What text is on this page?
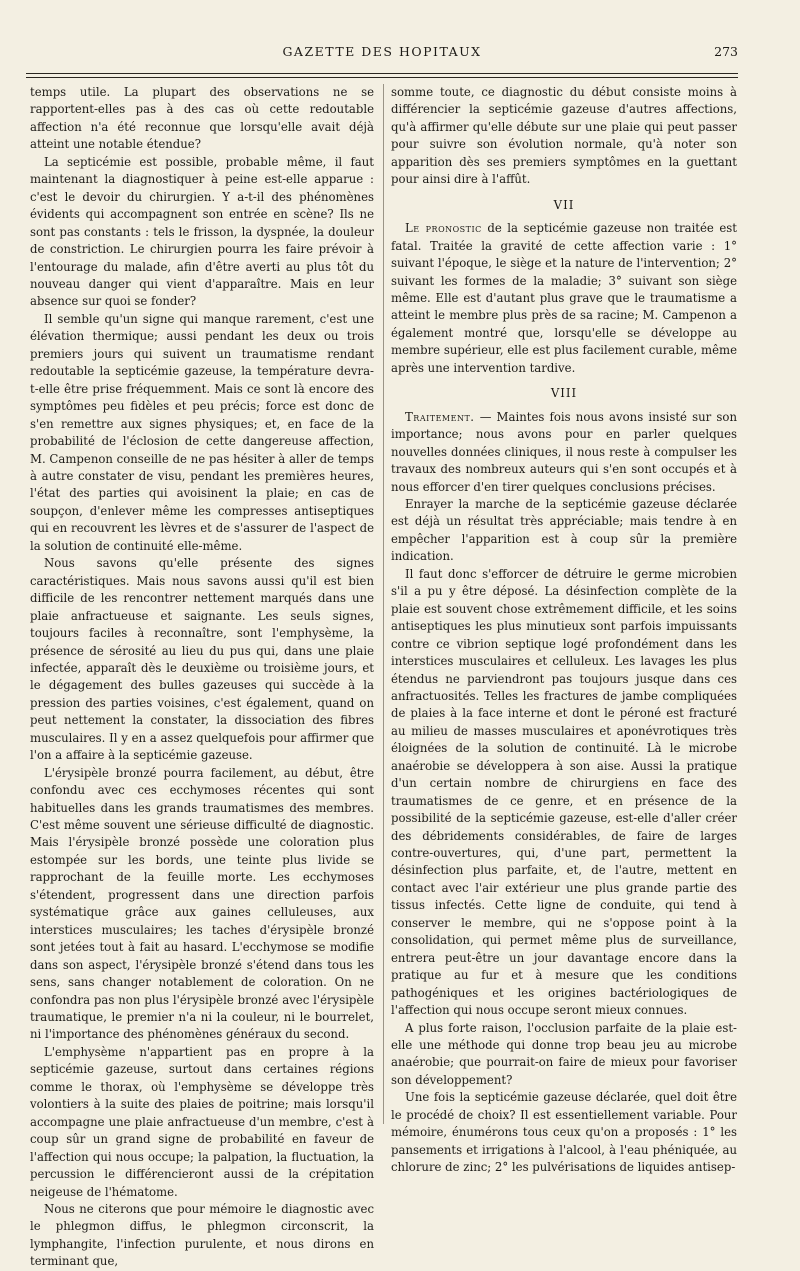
GAZETTE DES HOPITAUX	273

temps utile. La plupart des observations ne se rapportent-elles pas à des cas où cette redoutable affection n'a été reconnue que lorsqu'elle avait déjà atteint une notable étendue?

La septicémie est possible, probable même, il faut maintenant la diagnostiquer à peine est-elle apparue : c'est le devoir du chirurgien. Y a-t-il des phénomènes évidents qui accompagnent son entrée en scène? Ils ne sont pas constants : tels le frisson, la dyspnée, la douleur de constriction. Le chirurgien pourra les faire prévoir à l'entourage du malade, afin d'être averti au plus tôt du nouveau danger qui vient d'apparaître. Mais en leur absence sur quoi se fonder?

Il semble qu'un signe qui manque rarement, c'est une élévation thermique; aussi pendant les deux ou trois premiers jours qui suivent un traumatisme rendant redoutable la septicémie gazeuse, la température devra-t-elle être prise fréquemment. Mais ce sont là encore des symptômes peu fidèles et peu précis; force est donc de s'en remettre aux signes physiques; et, en face de la probabilité de l'éclosion de cette dangereuse affection, M. Campenon conseille de ne pas hésiter à aller de temps à autre constater de visu, pendant les premières heures, l'état des parties qui avoisinent la plaie; en cas de soupçon, d'enlever même les compresses antiseptiques qui en recouvrent les lèvres et de s'assurer de l'aspect de la solution de continuité elle-même.

Nous savons qu'elle présente des signes caractéristiques. Mais nous savons aussi qu'il est bien difficile de les rencontrer nettement marqués dans une plaie anfractueuse et saignante. Les seuls signes, toujours faciles à reconnaître, sont l'emphysème, la présence de sérosité au lieu du pus qui, dans une plaie infectée, apparaît dès le deuxième ou troisième jours, et le dégagement des bulles gazeuses qui succède à la pression des parties voisines, c'est également, quand on peut nettement la constater, la dissociation des fibres musculaires. Il y en a assez quelquefois pour affirmer que l'on a affaire à la septicémie gazeuse.

L'érysipèle bronzé pourra facilement, au début, être confondu avec ces ecchymoses récentes qui sont habituelles dans les grands traumatismes des membres. C'est même souvent une sérieuse difficulté de diagnostic. Mais l'érysipèle bronzé possède une coloration plus estompée sur les bords, une teinte plus livide se rapprochant de la feuille morte. Les ecchymoses s'étendent, progressent dans une direction parfois systématique grâce aux gaines celluleuses, aux interstices musculaires; les taches d'érysipèle bronzé sont jetées tout à fait au hasard. L'ecchymose se modifie dans son aspect, l'érysipèle bronzé s'étend dans tous les sens, sans changer notablement de coloration. On ne confondra pas non plus l'érysipèle bronzé avec l'érysipèle traumatique, le premier n'a ni la couleur, ni le bourrelet, ni l'importance des phénomènes généraux du second.

L'emphysème n'appartient pas en propre à la septicémie gazeuse, surtout dans certaines régions comme le thorax, où l'emphysème se développe très volontiers à la suite des plaies de poitrine; mais lorsqu'il accompagne une plaie anfractueuse d'un membre, c'est à coup sûr un grand signe de probabilité en faveur de l'affection qui nous occupe; la palpation, la fluctuation, la percussion le différencieront aussi de la crépitation neigeuse de l'hématome.

Nous ne citerons que pour mémoire le diagnostic avec le phlegmon diffus, le phlegmon circonscrit, la lymphangite, l'infection purulente, et nous dirons en terminant que,

somme toute, ce diagnostic du début consiste moins à différencier la septicémie gazeuse d'autres affections, qu'à affirmer qu'elle débute sur une plaie qui peut passer pour suivre son évolution normale, qu'à noter son apparition dès ses premiers symptômes en la guettant pour ainsi dire à l'affût.

VII

Le pronostic de la septicémie gazeuse non traitée est fatal. Traitée la gravité de cette affection varie : 1° suivant l'époque, le siège et la nature de l'intervention; 2° suivant les formes de la maladie; 3° suivant son siège même. Elle est d'autant plus grave que le traumatisme a atteint le membre plus près de sa racine; M. Campenon a également montré que, lorsqu'elle se développe au membre supérieur, elle est plus facilement curable, même après une intervention tardive.

VIII

Traitement. — Maintes fois nous avons insisté sur son importance; nous avons pour en parler quelques nouvelles données cliniques, il nous reste à compulser les travaux des nombreux auteurs qui s'en sont occupés et à nous efforcer d'en tirer quelques conclusions précises.

Enrayer la marche de la septicémie gazeuse déclarée est déjà un résultat très appréciable; mais tendre à en empêcher l'apparition est à coup sûr la première indication.

Il faut donc s'efforcer de détruire le germe microbien s'il a pu y être déposé. La désinfection complète de la plaie est souvent chose extrêmement difficile, et les soins antiseptiques les plus minutieux sont parfois impuissants contre ce vibrion septique logé profondément dans les interstices musculaires et celluleux. Les lavages les plus étendus ne parviendront pas toujours jusque dans ces anfractuosités. Telles les fractures de jambe compliquées de plaies à la face interne et dont le péroné est fracturé au milieu de masses musculaires et aponévrotiques très éloignées de la solution de continuité. Là le microbe anaérobie se développera à son aise. Aussi la pratique d'un certain nombre de chirurgiens en face des traumatismes de ce genre, et en présence de la possibilité de la septicémie gazeuse, est-elle d'aller créer des débridements considérables, de faire de larges contre-ouvertures, qui, d'une part, permettent la désinfection plus parfaite, et, de l'autre, mettent en contact avec l'air extérieur une plus grande partie des tissus infectés. Cette ligne de conduite, qui tend à conserver le membre, qui ne s'oppose point à la consolidation, qui permet même plus de surveillance, entrera peut-être un jour davantage encore dans la pratique au fur et à mesure que les conditions pathogéniques et les origines bactériologiques de l'affection qui nous occupe seront mieux connues.

A plus forte raison, l'occlusion parfaite de la plaie est-elle une méthode qui donne trop beau jeu au microbe anaérobie; que pourrait-on faire de mieux pour favoriser son développement?

Une fois la septicémie gazeuse déclarée, quel doit être le procédé de choix? Il est essentiellement variable. Pour mémoire, énumérons tous ceux qu'on a proposés : 1° les pansements et irrigations à l'alcool, à l'eau phéniquée, au chlorure de zinc; 2° les pulvérisations de liquides antisep-
